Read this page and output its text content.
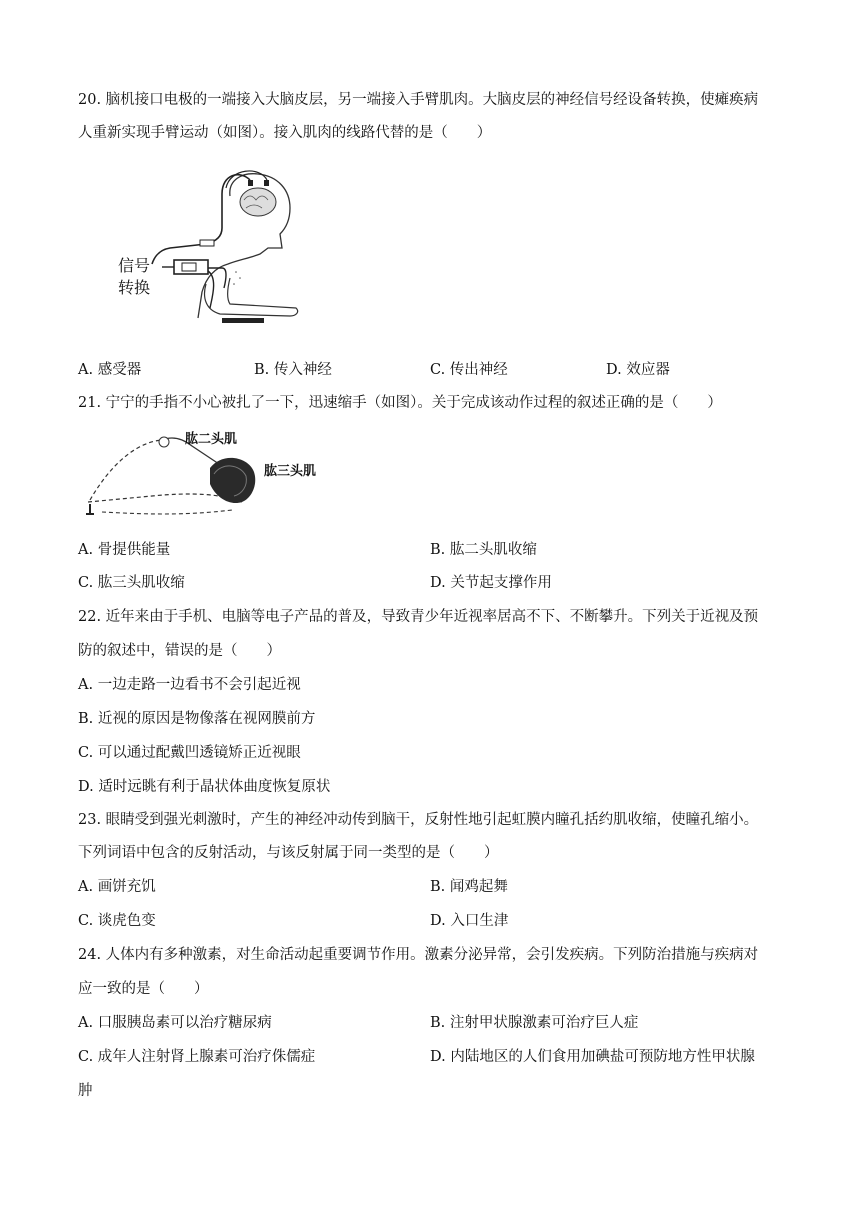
20. 脑机接口电极的一端接入大脑皮层，另一端接入手臂肌肉。大脑皮层的神经信号经设备转换，使瘫痪病
人重新实现手臂运动（如图）。接入肌肉的线路代替的是（　　）
信号
转换
A. 感受器	B. 传入神经	C. 传出神经	D. 效应器
21. 宁宁的手指不小心被扎了一下，迅速缩手（如图）。关于完成该动作过程的叙述正确的是（　　）
肱二头肌
肱三头肌
A. 骨提供能量	B. 肱二头肌收缩
C. 肱三头肌收缩	D. 关节起支撑作用
22. 近年来由于手机、电脑等电子产品的普及，导致青少年近视率居高不下、不断攀升。下列关于近视及预
防的叙述中，错误的是（　　）
A. 一边走路一边看书不会引起近视
B. 近视的原因是物像落在视网膜前方
C. 可以通过配戴凹透镜矫正近视眼
D. 适时远眺有利于晶状体曲度恢复原状
23. 眼睛受到强光刺激时，产生的神经冲动传到脑干，反射性地引起虹膜内瞳孔括约肌收缩，使瞳孔缩小。
下列词语中包含的反射活动，与该反射属于同一类型的是（　　）
A. 画饼充饥	B. 闻鸡起舞
C. 谈虎色变	D. 入口生津
24. 人体内有多种激素，对生命活动起重要调节作用。激素分泌异常，会引发疾病。下列防治措施与疾病对
应一致的是（　　）
A. 口服胰岛素可以治疗糖尿病	B. 注射甲状腺激素可治疗巨人症
C. 成年人注射肾上腺素可治疗侏儒症	D. 内陆地区的人们食用加碘盐可预防地方性甲状腺
肿
